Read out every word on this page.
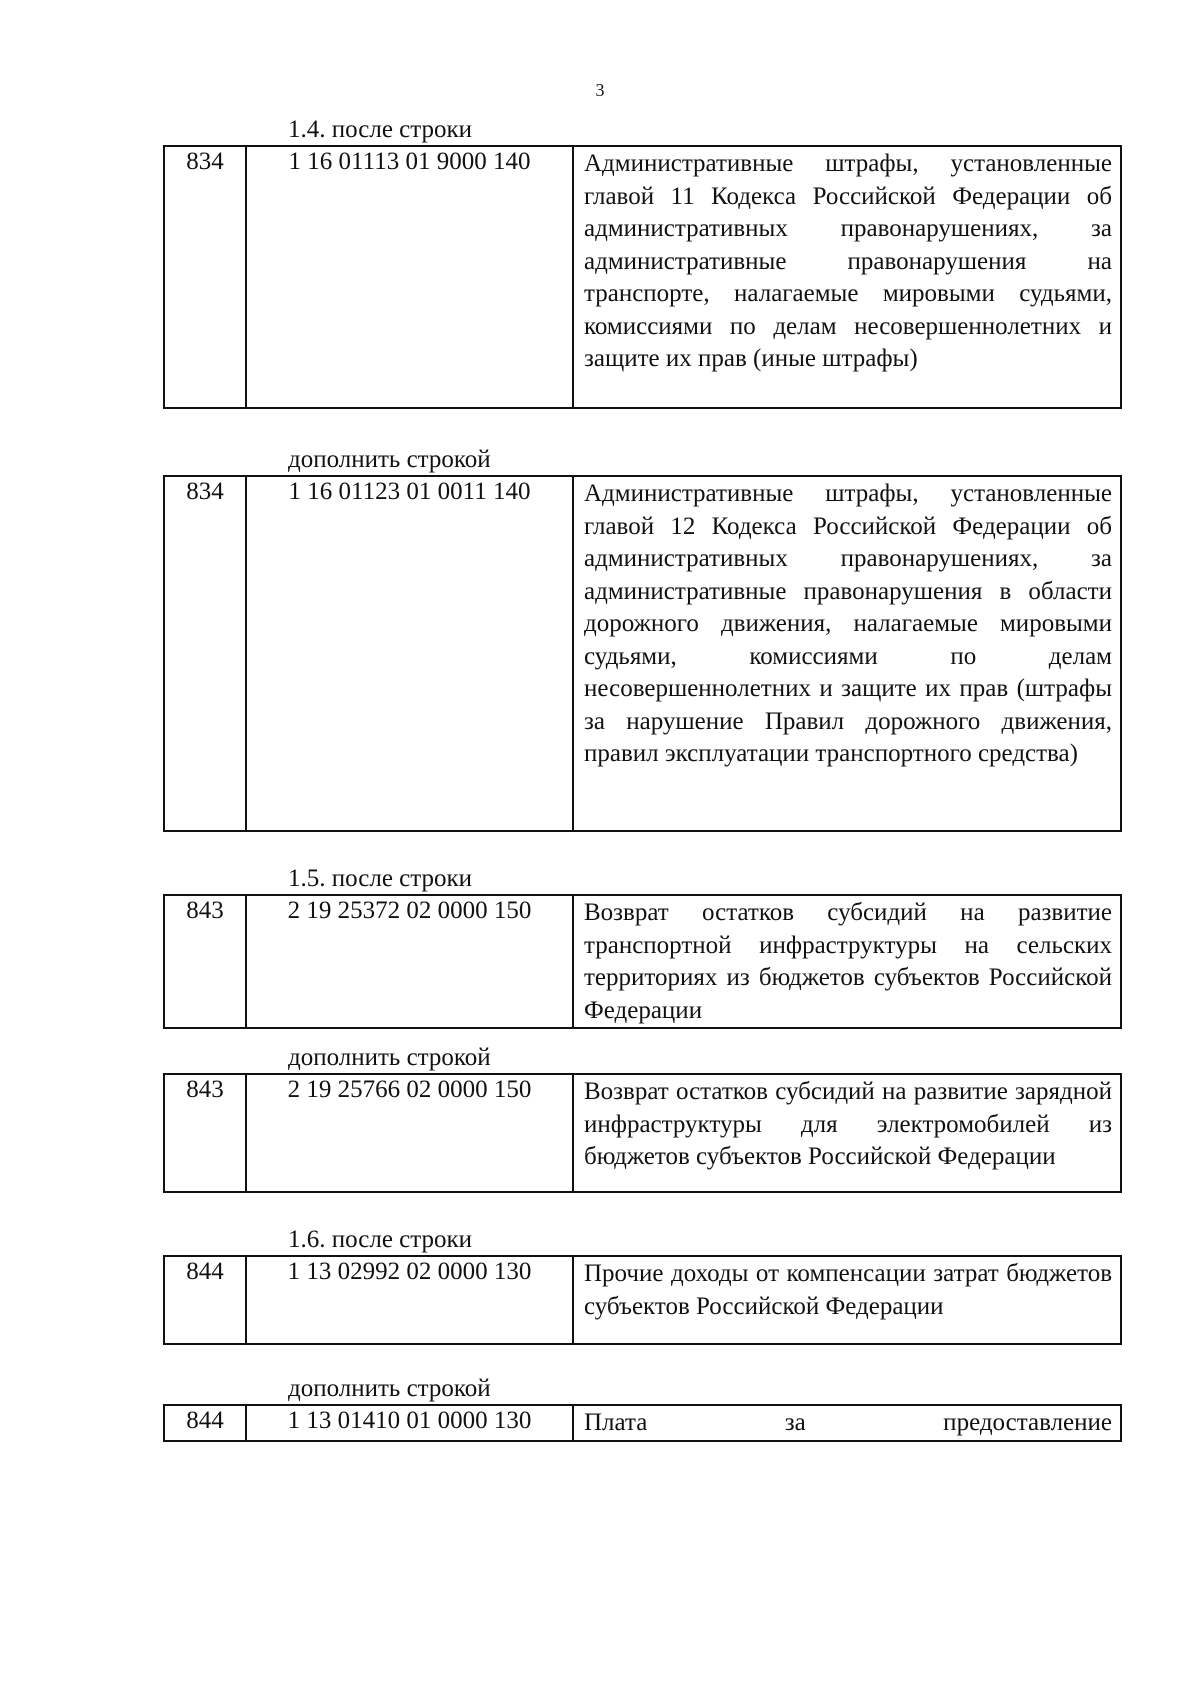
3
1.4. после строки
834	1 16 01113 01 9000 140	Административные штрафы, установленные главой 11 Кодекса Российской Федерации об административных правонарушениях, за административные правонарушения на транспорте, налагаемые мировыми судьями, комиссиями по делам несовершеннолетних и защите их прав (иные штрафы)
дополнить строкой
834	1 16 01123 01 0011 140	Административные штрафы, установленные главой 12 Кодекса Российской Федерации об административных правонарушениях, за административные правонарушения в области дорожного движения, налагаемые мировыми судьями, комиссиями по делам несовершеннолетних и защите их прав (штрафы за нарушение Правил дорожного движения, правил эксплуатации транспортного средства)
1.5. после строки
843	2 19 25372 02 0000 150	Возврат остатков субсидий на развитие транспортной инфраструктуры на сельских территориях из бюджетов субъектов Российской Федерации
дополнить строкой
843	2 19 25766 02 0000 150	Возврат остатков субсидий на развитие зарядной инфраструктуры для электромобилей из бюджетов субъектов Российской Федерации
1.6. после строки
844	1 13 02992 02 0000 130	Прочие доходы от компенсации затрат бюджетов субъектов Российской Федерации
дополнить строкой
844	1 13 01410 01 0000 130	Плата за предоставление
